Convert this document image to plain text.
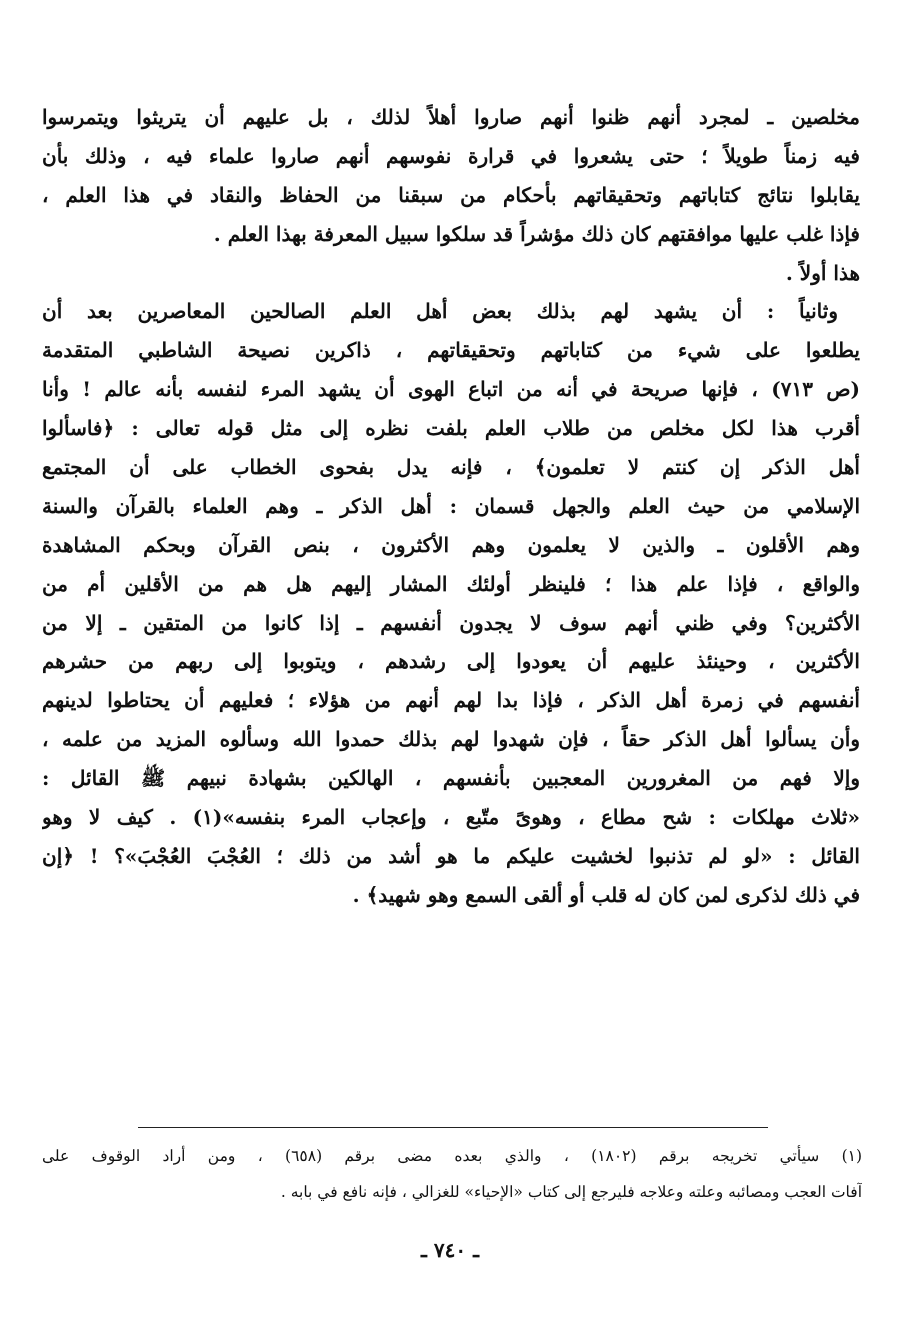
مخلصين ـ لمجرد أنهم ظنوا أنهم صاروا أهلاً لذلك ، بل عليهم أن يتريثوا ويتمرسوا
فيه زمناً طويلاً ؛ حتى يشعروا في قرارة نفوسهم أنهم صاروا علماء فيه ، وذلك بأن
يقابلوا نتائج كتاباتهم وتحقيقاتهم بأحكام من سبقنا من الحفاظ والنقاد في هذا العلم ،
فإذا غلب عليها موافقتهم كان ذلك مؤشراً قد سلكوا سبيل المعرفة بهذا العلم .
هذا أولاً .
وثانياً : أن يشهد لهم بذلك بعض أهل العلم الصالحين المعاصرين بعد أن
يطلعوا على شيء من كتاباتهم وتحقيقاتهم ، ذاكرين نصيحة الشاطبي المتقدمة
(ص ٧١٣) ، فإنها صريحة في أنه من اتباع الهوى أن يشهد المرء لنفسه بأنه عالم ! وأنا
أقرب هذا لكل مخلص من طلاب العلم بلفت نظره إلى مثل قوله تعالى : ﴿فاسألوا
أهل الذكر إن كنتم لا تعلمون﴾ ، فإنه يدل بفحوى الخطاب على أن المجتمع
الإسلامي من حيث العلم والجهل قسمان : أهل الذكر ـ وهم العلماء بالقرآن والسنة
وهم الأقلون ـ والذين لا يعلمون وهم الأكثرون ، بنص القرآن وبحكم المشاهدة
والواقع ، فإذا علم هذا ؛ فلينظر أولئك المشار إليهم هل هم من الأقلين أم من
الأكثرين؟ وفي ظني أنهم سوف لا يجدون أنفسهم ـ إذا كانوا من المتقين ـ إلا من
الأكثرين ، وحينئذ عليهم أن يعودوا إلى رشدهم ، ويتوبوا إلى ربهم من حشرهم
أنفسهم في زمرة أهل الذكر ، فإذا بدا لهم أنهم من هؤلاء ؛ فعليهم أن يحتاطوا لدينهم
وأن يسألوا أهل الذكر حقاً ، فإن شهدوا لهم بذلك حمدوا الله وسألوه المزيد من علمه ،
وإلا فهم من المغرورين المعجبين بأنفسهم ، الهالكين بشهادة نبيهم ﷺ القائل :
«ثلاث مهلكات : شح مطاع ، وهوىً متّبع ، وإعجاب المرء بنفسه»(١) . كيف لا وهو
القائل : «لو لم تذنبوا لخشيت عليكم ما هو أشد من ذلك ؛ العُجْبَ العُجْبَ»؟ ! ﴿إن
في ذلك لذكرى لمن كان له قلب أو ألقى السمع وهو شهيد﴾ .
(١) سيأتي تخريجه برقم (١٨٠٢) ، والذي بعده مضى برقم (٦٥٨) ، ومن أراد الوقوف على
آفات العجب ومصائبه وعلته وعلاجه فليرجع إلى كتاب «الإحياء» للغزالي ، فإنه نافع في بابه .
ـ ٧٤٠ ـ
